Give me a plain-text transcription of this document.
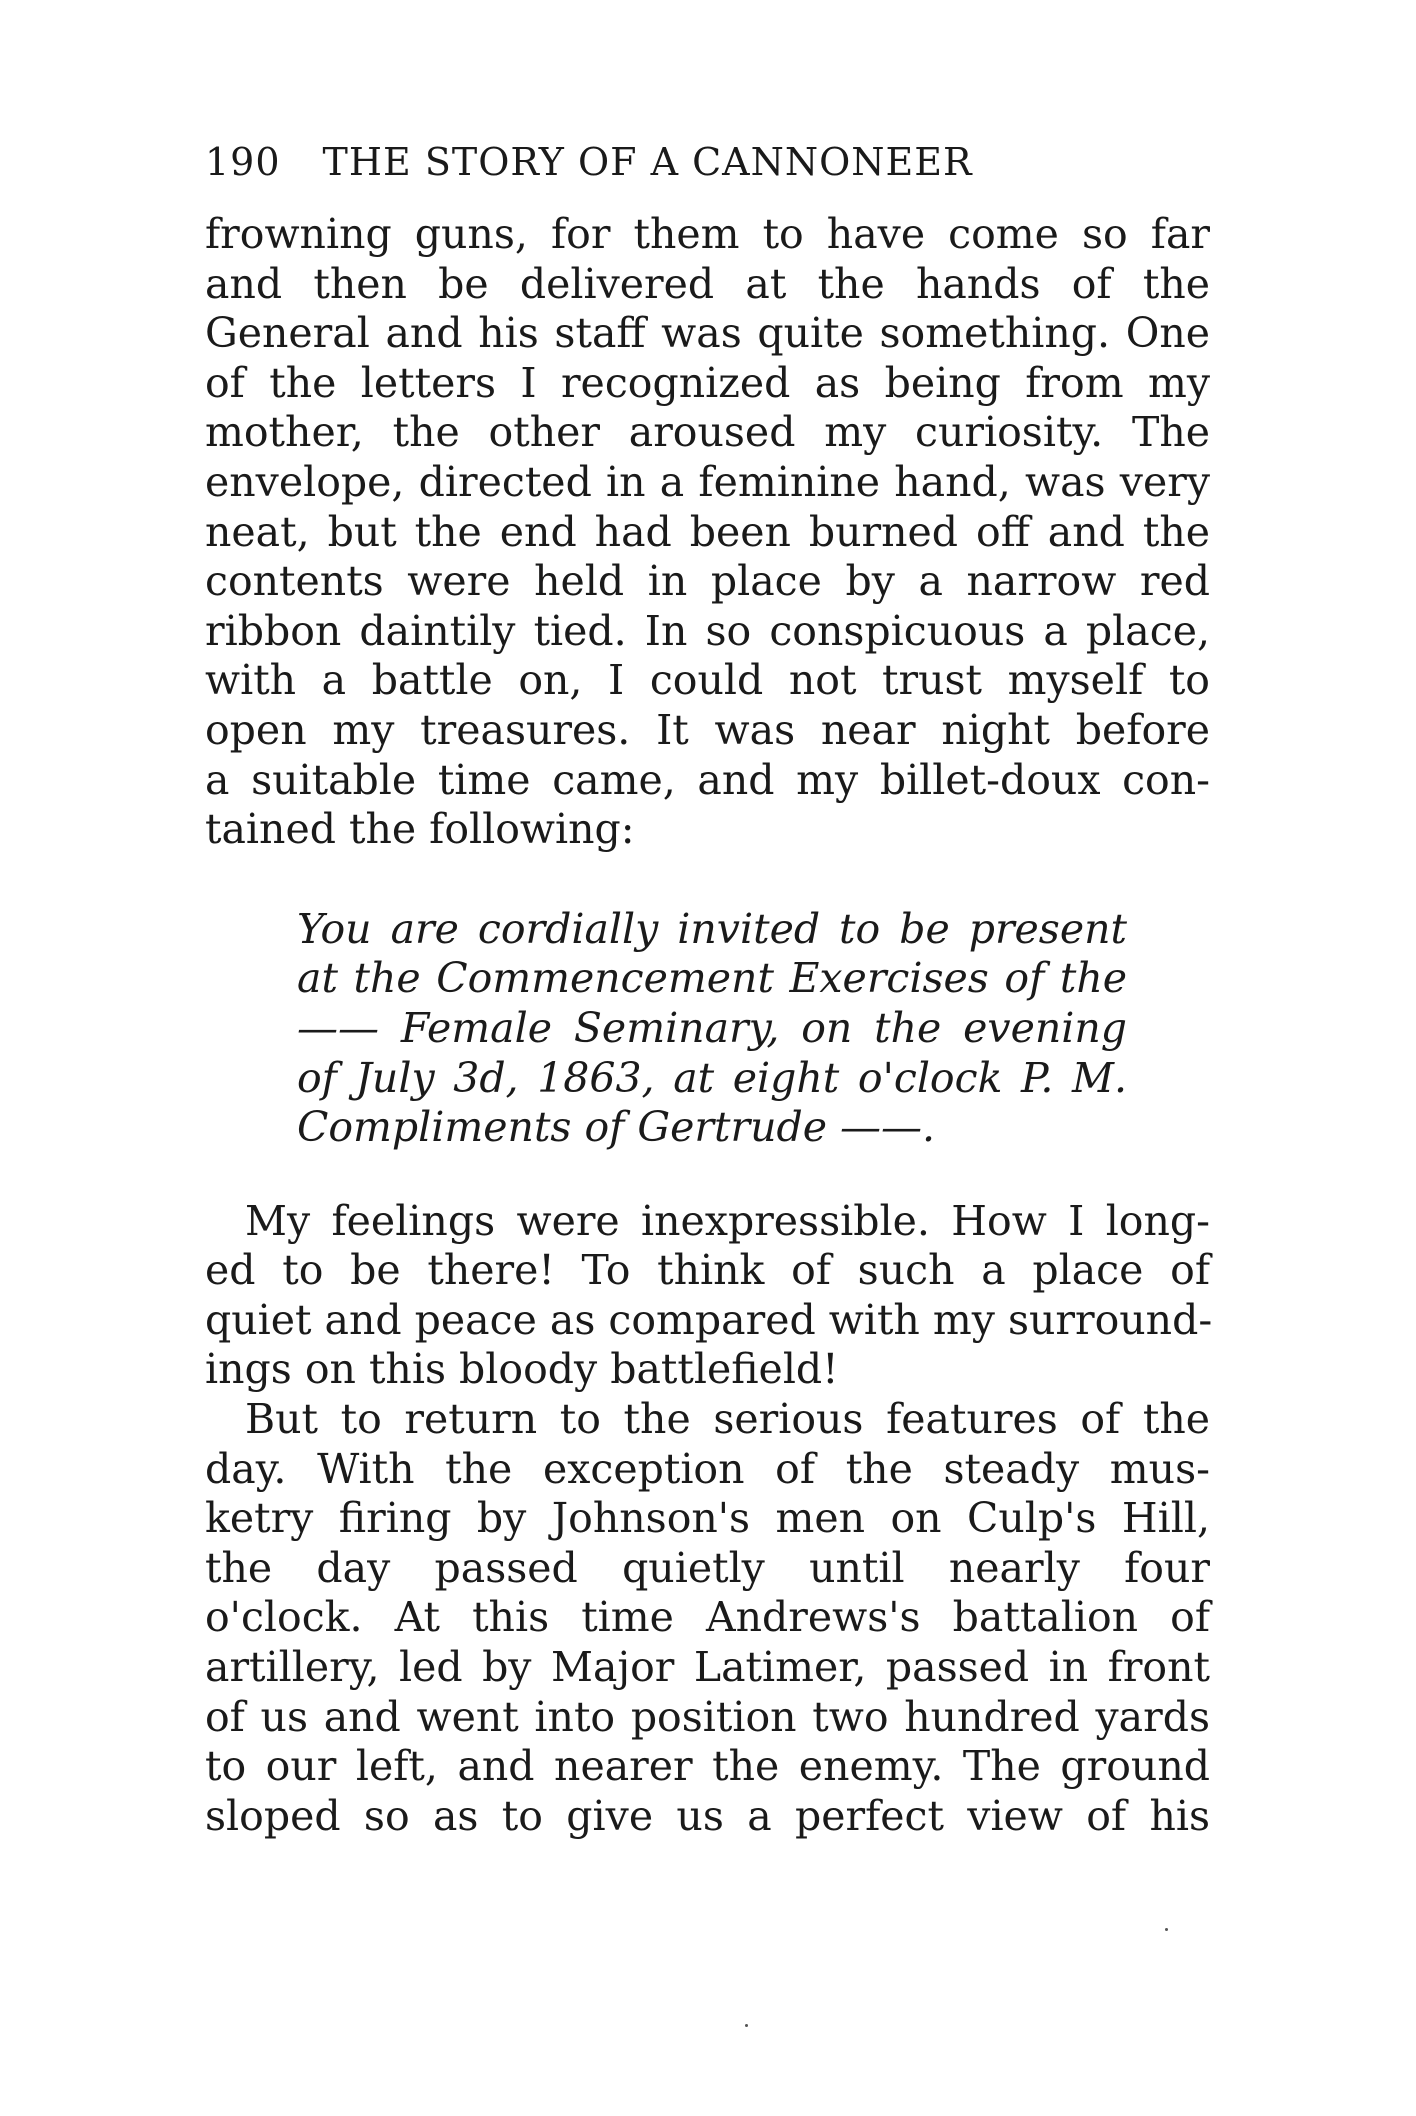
190 THE STORY OF A CANNONEER
frowning guns, for them to have come so far
and then be delivered at the hands of the
General and his staff was quite something. One
of the letters I recognized as being from my
mother, the other aroused my curiosity. The
envelope, directed in a feminine hand, was very
neat, but the end had been burned off and the
contents were held in place by a narrow red
ribbon daintily tied. In so conspicuous a place,
with a battle on, I could not trust myself to
open my treasures. It was near night before
a suitable time came, and my billet-doux con-
tained the following:
You are cordially invited to be present
at the Commencement Exercises of the
—— Female Seminary, on the evening
of July 3d, 1863, at eight o'clock P. M.
Compliments of Gertrude ——.
My feelings were inexpressible. How I long-
ed to be there! To think of such a place of
quiet and peace as compared with my surround-
ings on this bloody battlefield!
But to return to the serious features of the
day. With the exception of the steady mus-
ketry firing by Johnson's men on Culp's Hill,
the day passed quietly until nearly four
o'clock. At this time Andrews's battalion of
artillery, led by Major Latimer, passed in front
of us and went into position two hundred yards
to our left, and nearer the enemy. The ground
sloped so as to give us a perfect view of his
